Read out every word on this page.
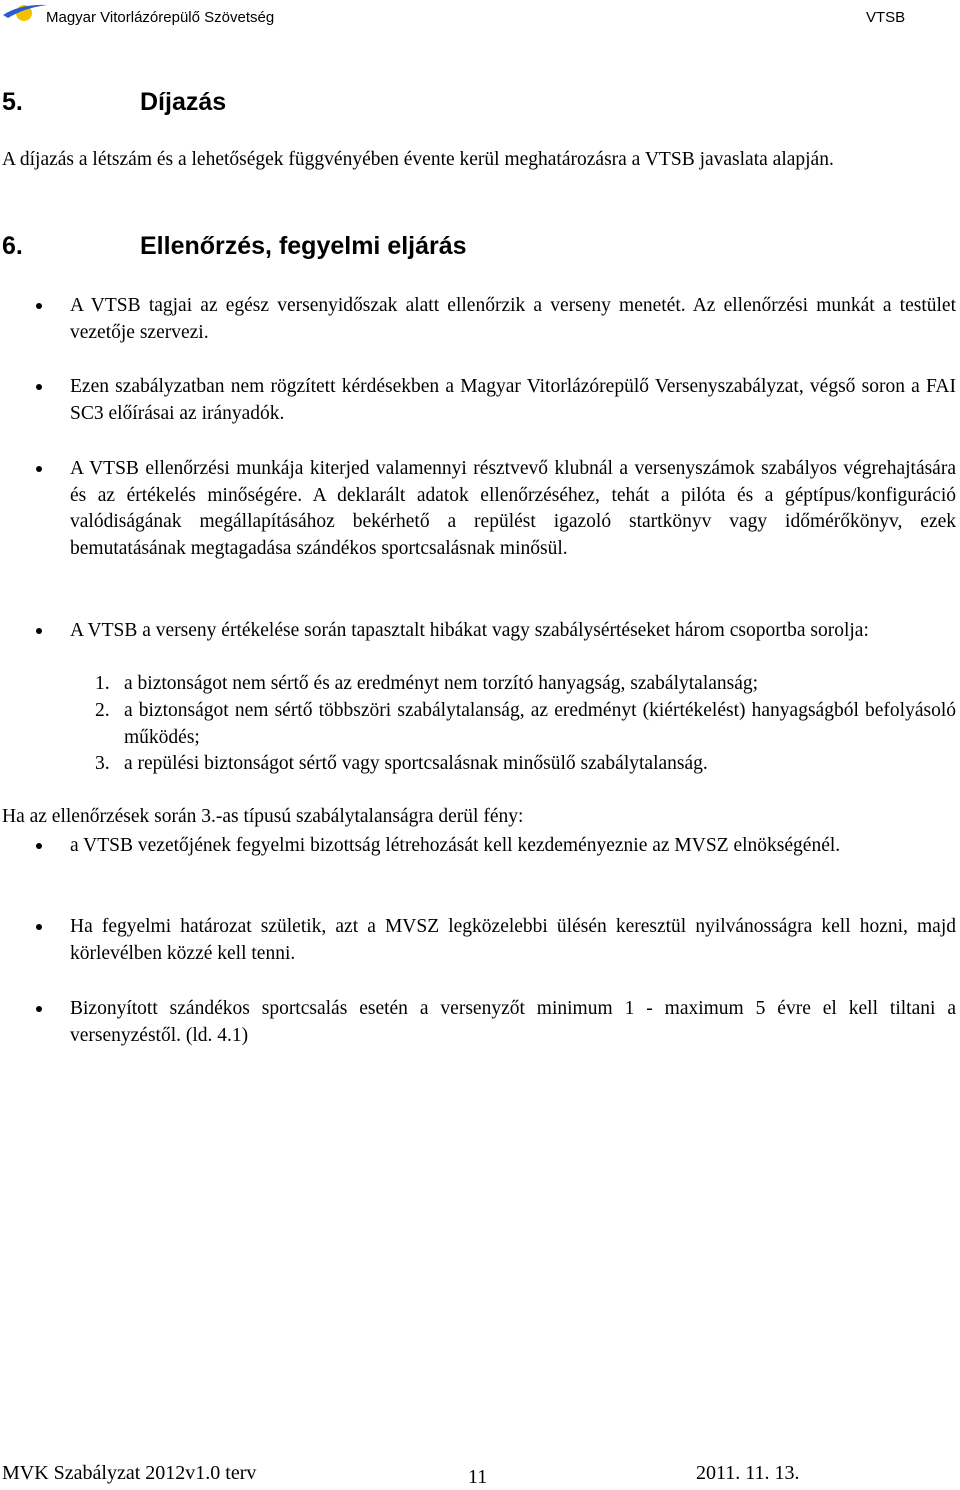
Magyar Vitorlázórepülő Szövetség	VTSB
5.	Díjazás
A díjazás a létszám és a lehetőségek függvényében évente kerül meghatározásra a VTSB javaslata alapján.
6.	Ellenőrzés, fegyelmi eljárás
A VTSB tagjai az egész versenyidőszak alatt ellenőrzik a verseny menetét. Az ellenőrzési munkát a testület vezetője szervezi.
Ezen szabályzatban nem rögzített kérdésekben a Magyar Vitorlázórepülő Versenyszabályzat, végső soron a FAI SC3 előírásai az irányadók.
A VTSB ellenőrzési munkája kiterjed valamennyi résztvevő klubnál a versenyszámok szabályos végrehajtására és az értékelés minőségére. A deklarált adatok ellenőrzéséhez, tehát a pilóta és a géptípus/konfiguráció valódiságának megállapításához bekérhető a repülést igazoló startkönyv vagy időmérőkönyv, ezek bemutatásának megtagadása szándékos sportcsalásnak minősül.
A VTSB a verseny értékelése során tapasztalt hibákat vagy szabálysértéseket három csoportba sorolja:
1. a biztonságot nem sértő és az eredményt nem torzító hanyagság, szabálytalanság;
2. a biztonságot nem sértő többszöri szabálytalanság, az eredményt (kiértékelést) hanyagságból befolyásoló működés;
3. a repülési biztonságot sértő vagy sportcsalásnak minősülő szabálytalanság.
Ha az ellenőrzések során 3.-as típusú szabálytalanságra derül fény:
a VTSB vezetőjének fegyelmi bizottság létrehozását kell kezdeményeznie az MVSZ elnökségénél.
Ha fegyelmi határozat születik, azt a MVSZ legközelebbi ülésén keresztül nyilvánosságra kell hozni, majd körlevélben közzé kell tenni.
Bizonyított szándékos sportcsalás esetén a versenyzőt minimum 1 - maximum 5 évre el kell tiltani a versenyzéstől. (ld. 4.1)
MVK Szabályzat 2012v1.0 terv	11	2011. 11. 13.
